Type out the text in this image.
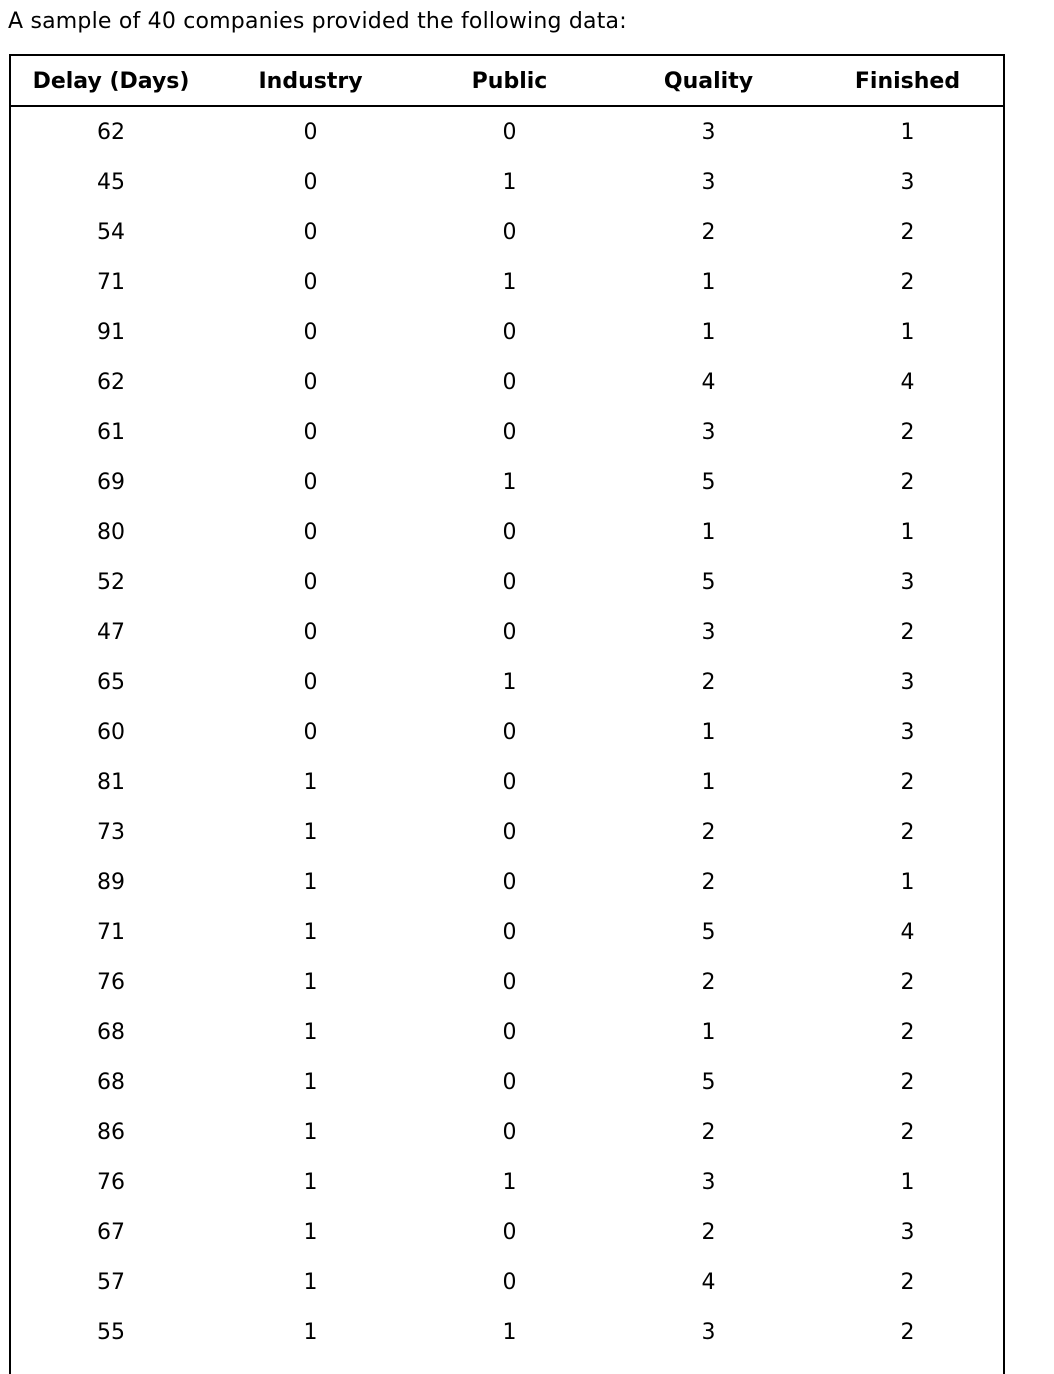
A sample of 40 companies provided the following data:
Delay (Days)	Industry	Public	Quality	Finished
62	0	0	3	1
45	0	1	3	3
54	0	0	2	2
71	0	1	1	2
91	0	0	1	1
62	0	0	4	4
61	0	0	3	2
69	0	1	5	2
80	0	0	1	1
52	0	0	5	3
47	0	0	3	2
65	0	1	2	3
60	0	0	1	3
81	1	0	1	2
73	1	0	2	2
89	1	0	2	1
71	1	0	5	4
76	1	0	2	2
68	1	0	1	2
68	1	0	5	2
86	1	0	2	2
76	1	1	3	1
67	1	0	2	3
57	1	0	4	2
55	1	1	3	2
